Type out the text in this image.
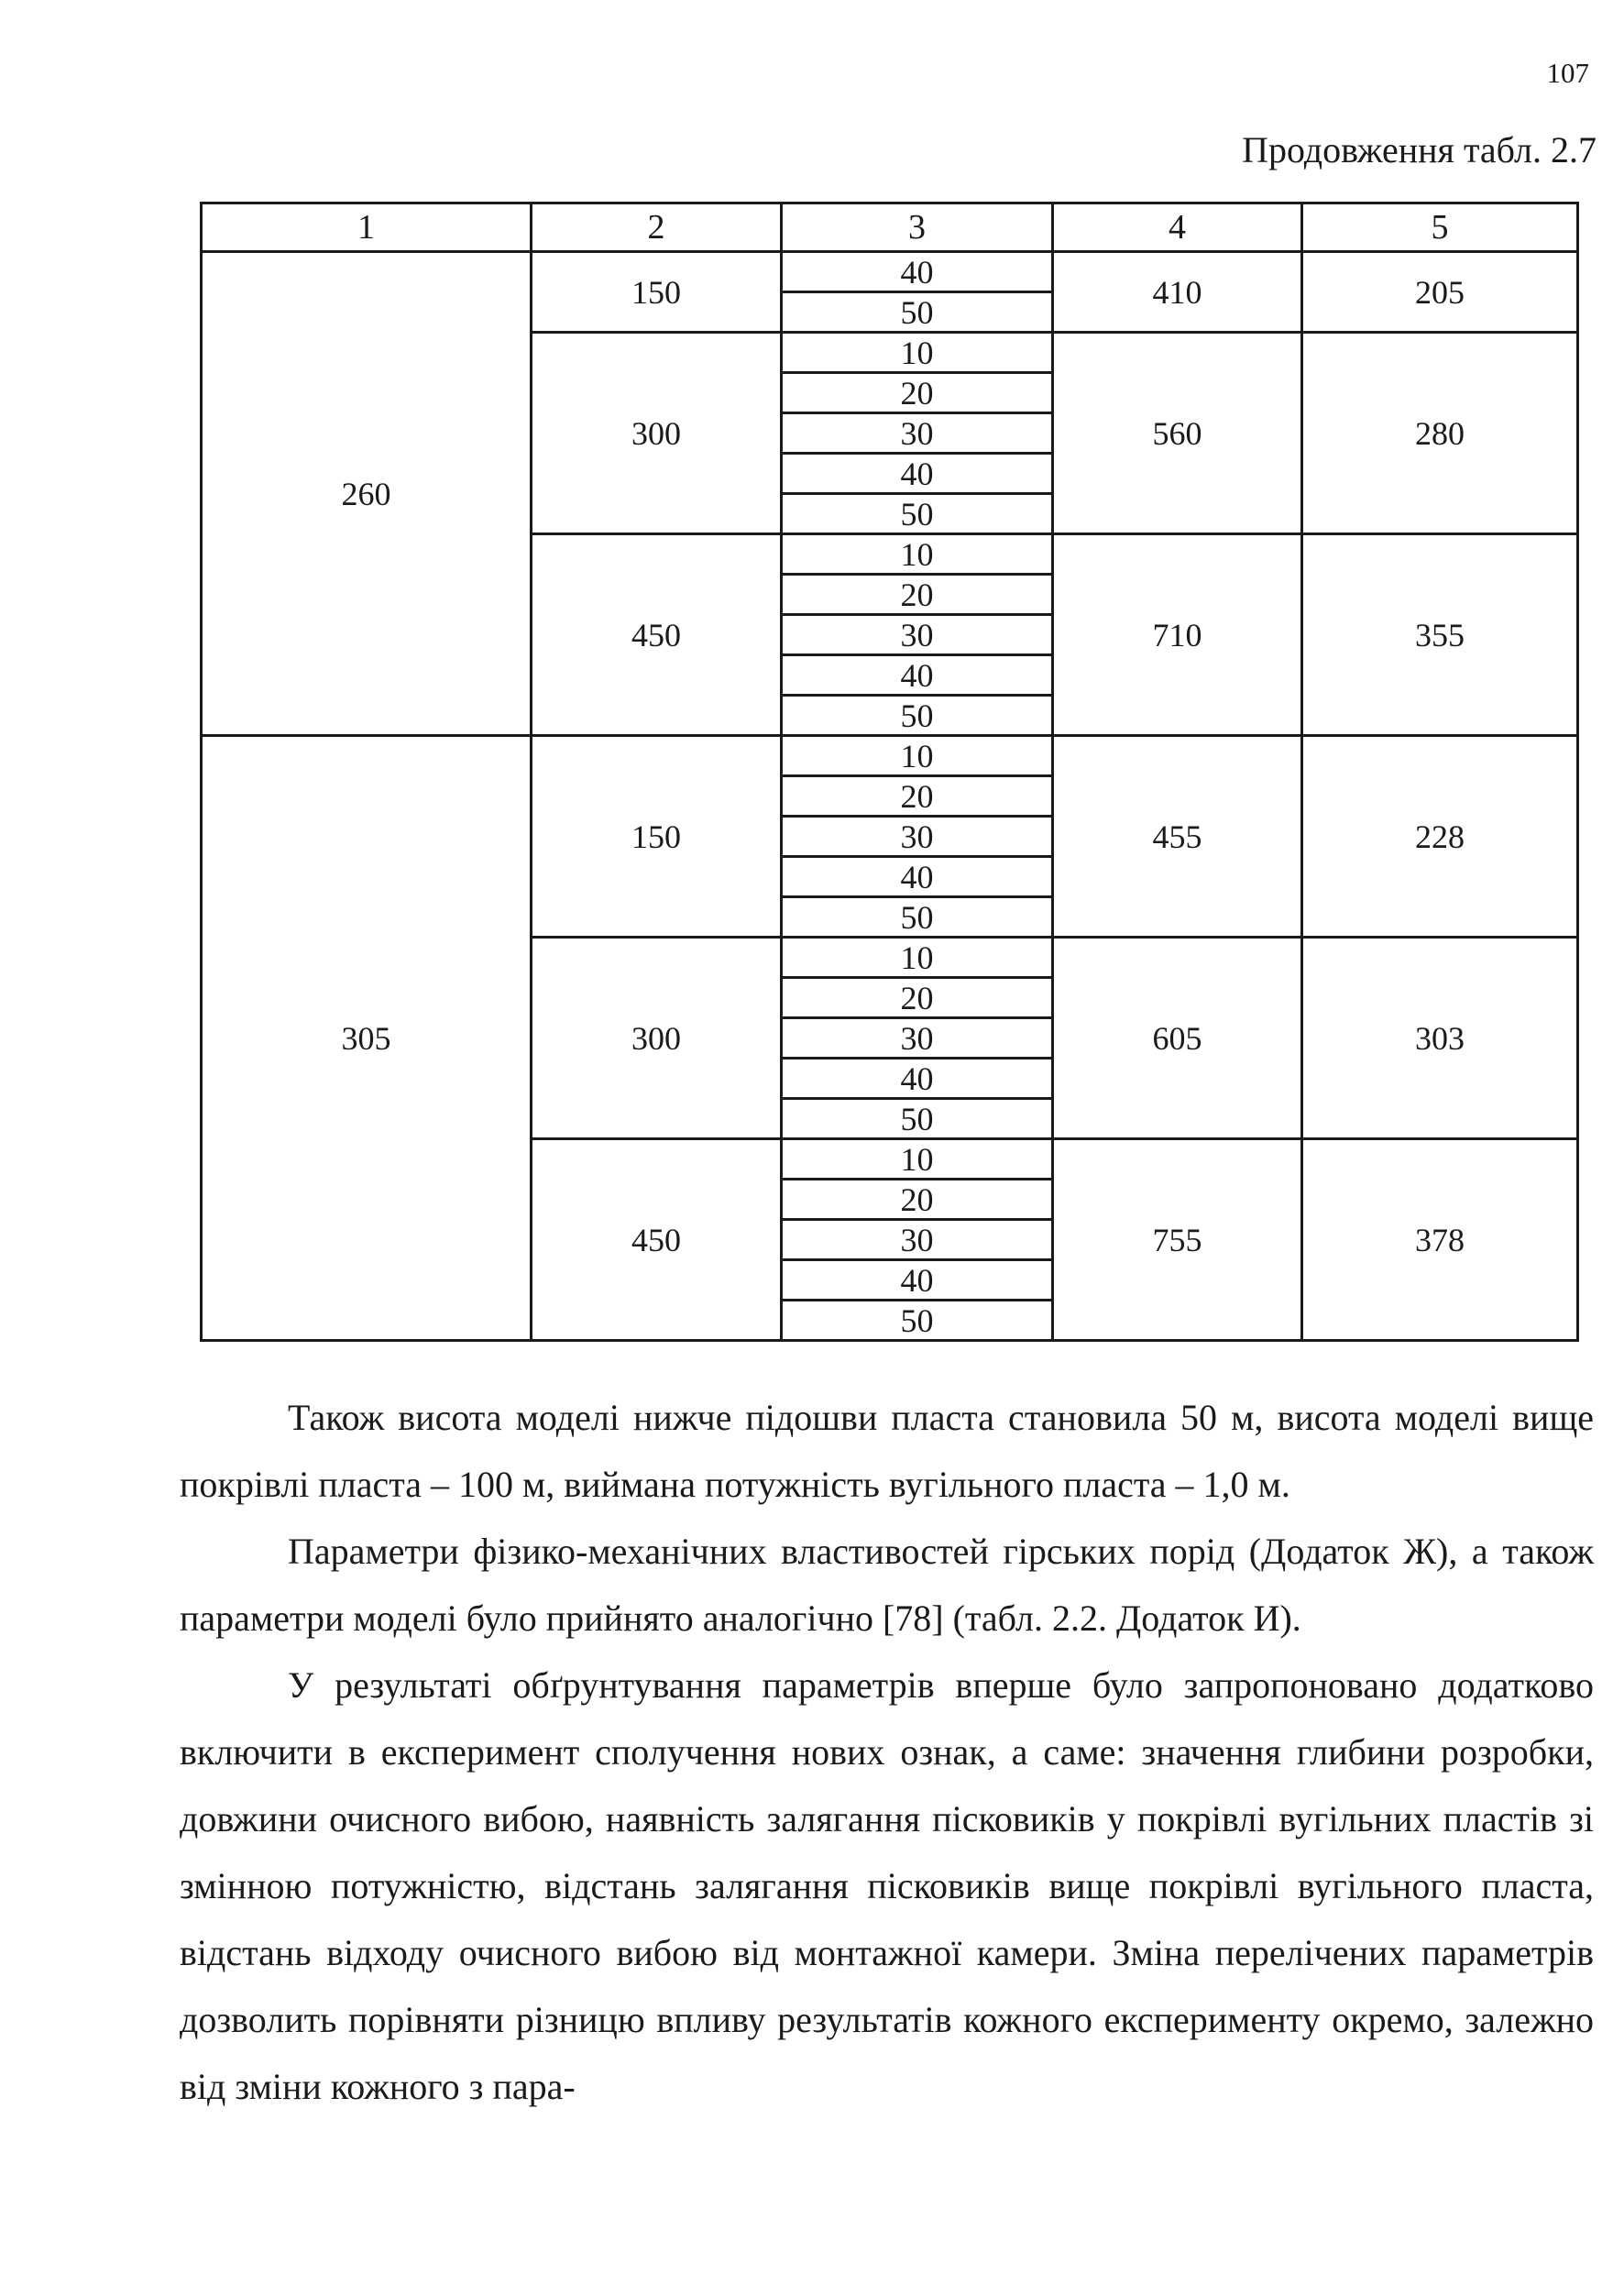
107
Продовження табл. 2.7
1	2	3	4	5
260	150	40	410	205
		50		
	300	10	560	280
		20		
		30		
		40		
		50		
	450	10	710	355
		20		
		30		
		40		
		50		
305	150	10	455	228
		20		
		30		
		40		
		50		
	300	10	605	303
		20		
		30		
		40		
		50		
	450	10	755	378
		20		
		30		
		40		
		50		

Також висота моделі нижче підошви пласта становила 50 м, висота моделі вище покрівлі пласта – 100 м, виймана потужність вугільного пласта – 1,0 м.

Параметри фізико-механічних властивостей гірських порід (Додаток Ж), а також параметри моделі було прийнято аналогічно [78] (табл. 2.2. Додаток И).

У результаті обґрунтування параметрів вперше було запропоновано додатково включити в експеримент сполучення нових ознак, а саме: значення глибини розробки, довжини очисного вибою, наявність залягання пісковиків у покрівлі вугільних пластів зі змінною потужністю, відстань залягання пісковиків вище покрівлі вугільного пласта, відстань відходу очисного вибою від монтажної камери. Зміна перелічених параметрів дозволить порівняти різницю впливу результатів кожного експерименту окремо, залежно від зміни кожного з пара-
